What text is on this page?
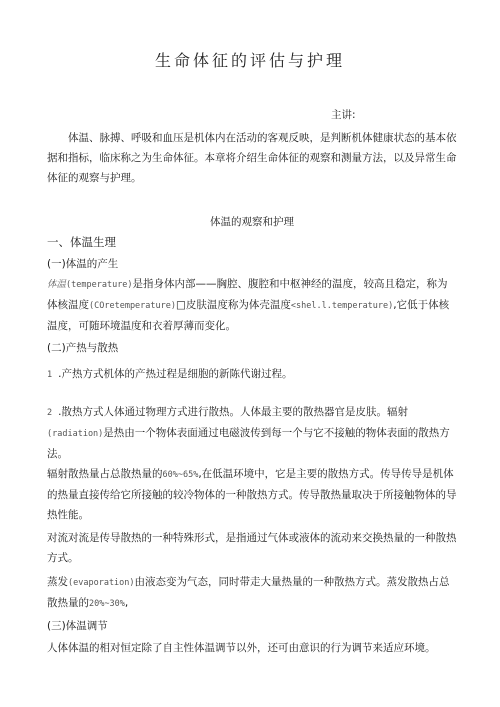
生命体征的评估与护理
主讲:
体温、脉搏、呼吸和血压是机体内在活动的客观反映，是判断机体健康状态的基本依据和指标，临床称之为生命体征。本章将介绍生命体征的观察和测量方法，以及异常生命体征的观察与护理。
体温的观察和护理
一、体温生理
(一)体温的产生
体温(temperature)是指身体内部——胸腔、腹腔和中枢神经的温度，较高且稳定，称为体核温度(COretemperature)□皮肤温度称为体壳温度<shel.l.temperature),它低于体核温度，可随环境温度和衣着厚薄而变化。
(二)产热与散热
1 .产热方式机体的产热过程是细胞的新陈代谢过程。
2 .散热方式人体通过物理方式进行散热。人体最主要的散热器官是皮肤。辐射(radiation)是热由一个物体表面通过电磁波传到每一个与它不接触的物体表面的散热方法。
辐射散热量占总散热量的60%~65%,在低温环境中，它是主要的散热方式。传导传导是机体的热量直接传给它所接触的较冷物体的一种散热方式。传导散热量取决于所接触物体的导热性能。
对流对流是传导散热的一种特殊形式，是指通过气体或液体的流动来交换热量的一种散热方式。
蒸发(evaporation)由液态变为气态，同时带走大量热量的一种散热方式。蒸发散热占总散热量的20%~30%,
(三)体温调节
人体体温的相对恒定除了自主性体温调节以外，还可由意识的行为调节来适应环境。
